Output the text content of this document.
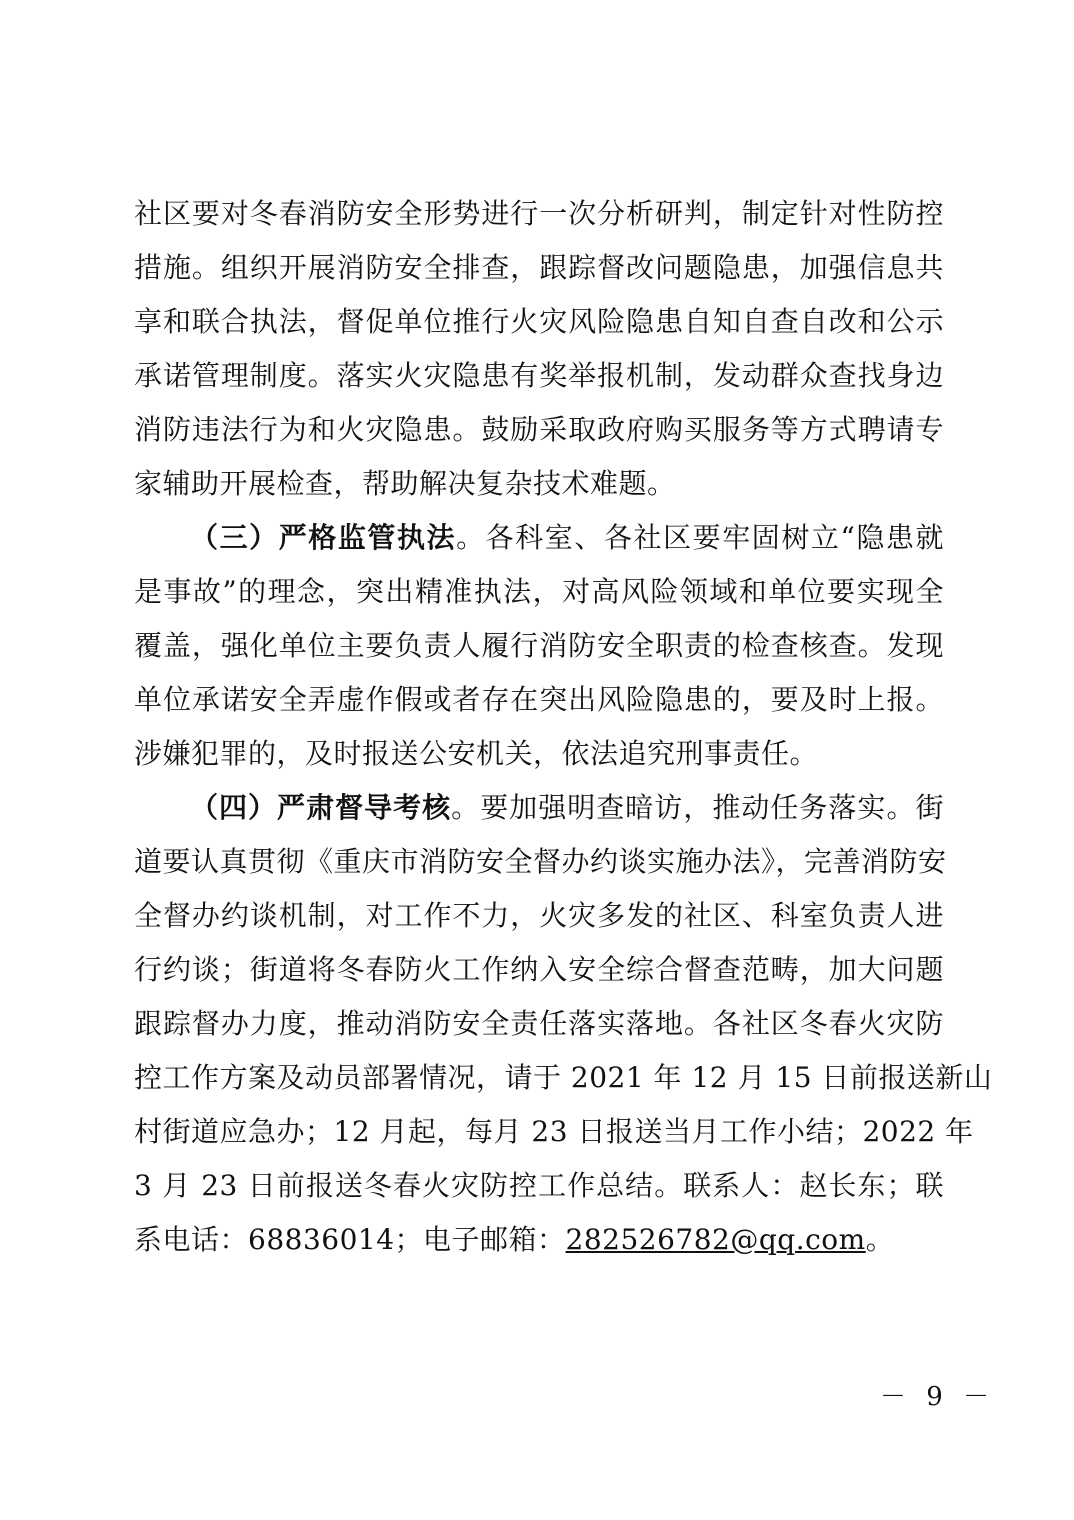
社区要对冬春消防安全形势进行一次分析研判，制定针对性防控
措施。组织开展消防安全排查，跟踪督改问题隐患，加强信息共
享和联合执法，督促单位推行火灾风险隐患自知自查自改和公示
承诺管理制度。落实火灾隐患有奖举报机制，发动群众查找身边
消防违法行为和火灾隐患。鼓励采取政府购买服务等方式聘请专
家辅助开展检查，帮助解决复杂技术难题。
（三）严格监管执法。各科室、各社区要牢固树立“隐患就
是事故”的理念，突出精准执法，对高风险领域和单位要实现全
覆盖，强化单位主要负责人履行消防安全职责的检查核查。发现
单位承诺安全弄虚作假或者存在突出风险隐患的，要及时上报。
涉嫌犯罪的，及时报送公安机关，依法追究刑事责任。
（四）严肃督导考核。要加强明查暗访，推动任务落实。街
道要认真贯彻《重庆市消防安全督办约谈实施办法》，完善消防安
全督办约谈机制，对工作不力，火灾多发的社区、科室负责人进
行约谈；街道将冬春防火工作纳入安全综合督查范畴，加大问题
跟踪督办力度，推动消防安全责任落实落地。各社区冬春火灾防
控工作方案及动员部署情况，请于 2021 年 12 月 15 日前报送新山
村街道应急办；12 月起，每月 23 日报送当月工作小结；2022 年
3 月 23 日前报送冬春火灾防控工作总结。联系人：赵长东；联
系电话：68836014；电子邮箱：282526782@qq.com。
－ 9 －
